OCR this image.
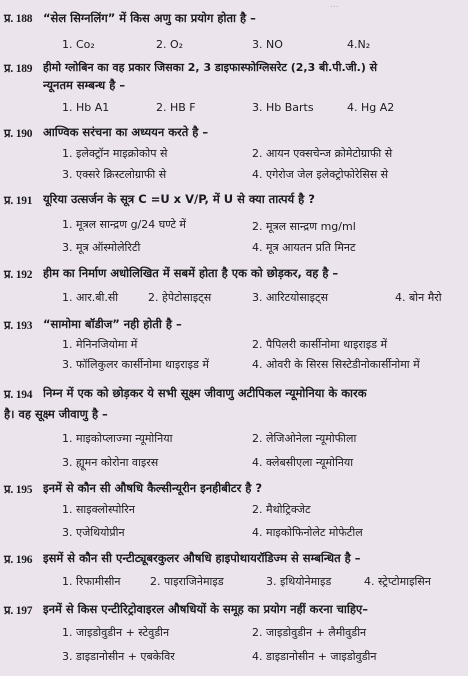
...
प्र. 188 “सेल सिग्नलिंग” में किस अणु का प्रयोग होता है –
1. Co₂	2. O₂	3. NO	4.N₂
प्र. 189 हीमो ग्लोबिन का वह प्रकार जिसका 2, 3 डाइफास्फोग्लिसरेट (2,3 बी.पी.जी.) से
न्यूनतम सम्बन्ध है –
1. Hb A1	2. HB F	3. Hb Barts	4. Hg A2
प्र. 190 आण्विक सरंचना का अध्ययन करते है –
1. इलेक्ट्रॉन माइक्रोकोप से	2. आयन एक्सचेन्ज क्रोमेटोग्राफी से
3. एक्सरे क्रिस्टलोग्राफी से	4. एगेरोज जेल इलेक्ट्रोफोरेसिस से
प्र. 191 यूरिया उत्सर्जन के सूत्र C =U x V/P, में U से क्या तात्पर्य है ?
1. मूत्रल सान्द्रण g/24 घण्टे में	2. मूत्रल सान्द्रण mg/ml
3. मूत्र ऑस्मोलेरिटी	4. मूत्र आयतन प्रति मिनट
प्र. 192 हीम का निर्माण अधोलिखित में सबमें होता है एक को छोड़कर, वह है –
1. आर.बी.सी	2. हेपेटोसाइट्स	3. आरिटयोसाइट्स	4. बोन मैरो
प्र. 193 “सामोमा बॉडीज” नही होती है –
1. मेनिनजियोमा में	2. पैपिलरी कार्सीनोमा थाइराइड में
3. फॉलिकुलर कार्सीनोमा थाइराइड में	4. ओवरी के सिरस सिस्टेडीनोकार्सीनोमा में
प्र. 194 निम्न में एक को छोड़कर ये सभी सूक्ष्म जीवाणु अटीपिकल न्यूमोनिया के कारक
है। वह सूक्ष्म जीवाणु है –
1. माइकोप्लाज्मा न्यूमोनिया	2. लेजिओनेला न्यूमोफीला
3. ह्यूमन कोरोना वाइरस	4. क्लेबसीएला न्यूमोनिया
प्र. 195 इनमें से कौन सी औषधि कैल्सीन्यूरीन इनहीबीटर है ?
1. साइक्लोस्पोरिन	2. मैथोट्रिक्जेट
3. एजेथियोप्रीन	4. माइकोफिनोलेट मोफेटील
प्र. 196 इसमें से कौन सी एन्टीट्यूबरकुलर औषधि हाइपोथायरॉडिज्म से सम्बन्धित है –
1. रिफामीसीन	2. पाइराजिनेमाइड	3. इथियोनेमाइड	4. स्ट्रेप्टोमाइसिन
प्र. 197 इनमें से किस एन्टीरिट्रोवाइरल औषधियों के समूह का प्रयोग नहीं करना चाहिए–
1. जाइडोवुडीन + स्टेवुडीन	2. जाइडोवुडीन + लैमीवुडीन
3. डाइडानोसीन + एबकेविर	4. डाइडानोसीन + जाइडोवुडीन
